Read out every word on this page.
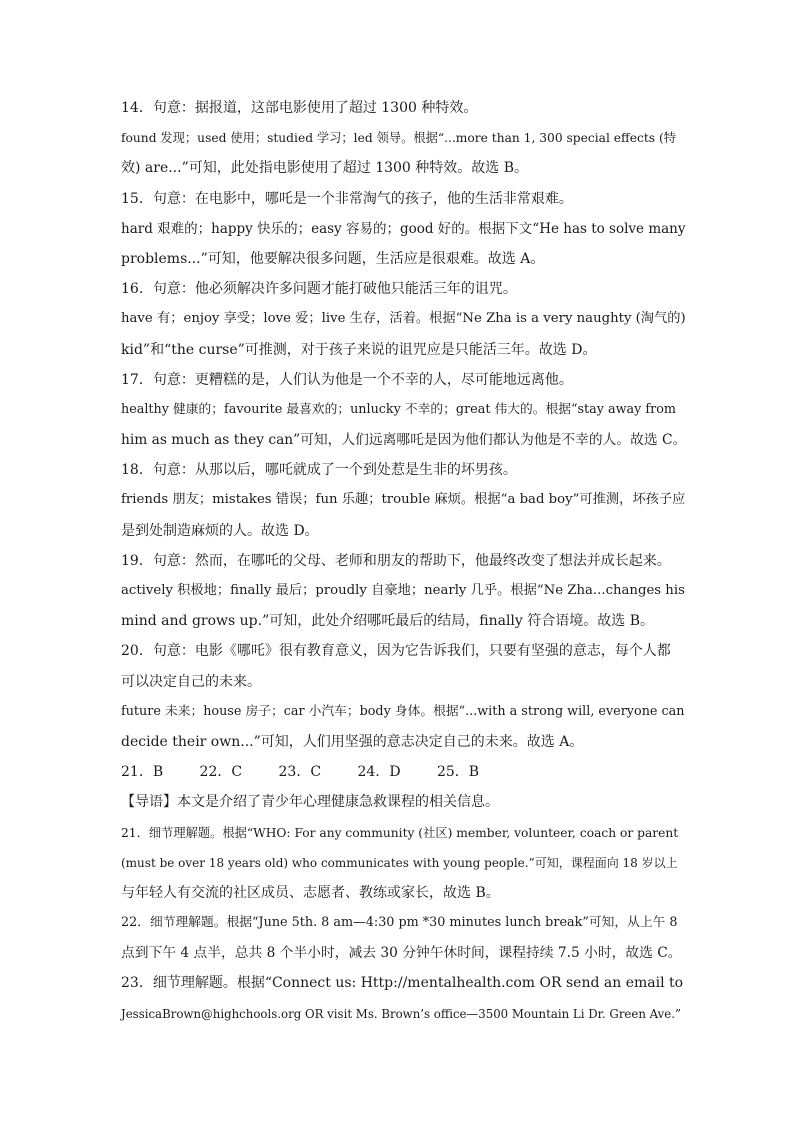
14．句意：据报道，这部电影使用了超过 1300 种特效。
found 发现；used 使用；studied 学习；led 领导。根据“...more than 1, 300 special effects (特
效) are...”可知，此处指电影使用了超过 1300 种特效。故选 B。
15．句意：在电影中，哪吒是一个非常淘气的孩子，他的生活非常艰难。
hard 艰难的；happy 快乐的；easy 容易的；good 好的。根据下文“He has to solve many
problems...”可知，他要解决很多问题，生活应是很艰难。故选 A。
16．句意：他必须解决许多问题才能打破他只能活三年的诅咒。
have 有；enjoy 享受；love 爱；live 生存，活着。根据“Ne Zha is a very naughty (淘气的)
kid”和“the curse”可推测，对于孩子来说的诅咒应是只能活三年。故选 D。
17．句意：更糟糕的是，人们认为他是一个不幸的人，尽可能地远离他。
healthy 健康的；favourite 最喜欢的；unlucky 不幸的；great 伟大的。根据“stay away from
him as much as they can”可知，人们远离哪吒是因为他们都认为他是不幸的人。故选 C。
18．句意：从那以后，哪吒就成了一个到处惹是生非的坏男孩。
friends 朋友；mistakes 错误；fun 乐趣；trouble 麻烦。根据“a bad boy”可推测，坏孩子应
是到处制造麻烦的人。故选 D。
19．句意：然而，在哪吒的父母、老师和朋友的帮助下，他最终改变了想法并成长起来。
actively 积极地；finally 最后；proudly 自豪地；nearly 几乎。根据“Ne Zha...changes his
mind and grows up.”可知，此处介绍哪吒最后的结局，finally 符合语境。故选 B。
20．句意：电影《哪吒》很有教育意义，因为它告诉我们，只要有坚强的意志，每个人都
可以决定自己的未来。
future 未来；house 房子；car 小汽车；body 身体。根据“...with a strong will, everyone can
decide their own...”可知，人们用坚强的意志决定自己的未来。故选 A。
21．B　 22．C　 23．C　 24．D　 25．B
【导语】本文是介绍了青少年心理健康急救课程的相关信息。
21．细节理解题。根据“WHO: For any community (社区) member, volunteer, coach or parent
(must be over 18 years old) who communicates with young people.”可知，课程面向 18 岁以上
与年轻人有交流的社区成员、志愿者、教练或家长，故选 B。
22．细节理解题。根据“June 5th. 8 am—4:30 pm *30 minutes lunch break”可知，从上午 8
点到下午 4 点半，总共 8 个半小时，减去 30 分钟午休时间，课程持续 7.5 小时，故选 C。
23．细节理解题。根据“Connect us: Http://mentalhealth.com OR send an email to
JessicaBrown@highchools.org OR visit Ms. Brown’s office—3500 Mountain Li Dr. Green Ave.”
